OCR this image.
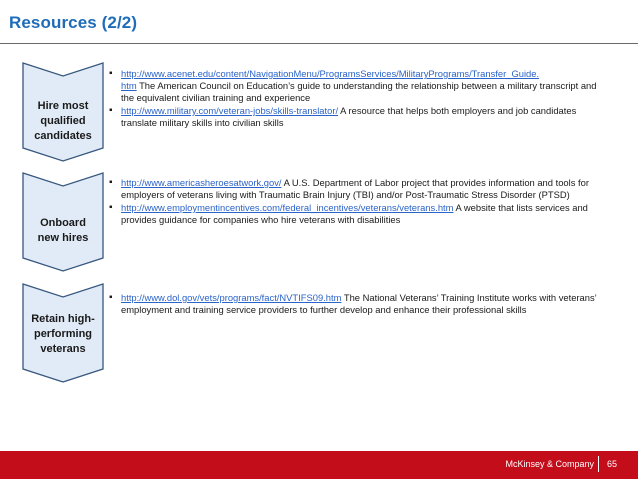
Resources (2/2)
Hire most
qualified
candidates
▪ http://www.acenet.edu/content/NavigationMenu/ProgramsServices/MilitaryPrograms/Transfer_Guide.
htm The American Council on Education’s guide to understanding the relationship between a military transcript and the equivalent civilian training and experience
▪ http://www.military.com/veteran-jobs/skills-translator/ A resource that helps both employers and job candidates translate military skills into civilian skills
Onboard
new hires
▪ http://www.americasheroesatwork.gov/ A U.S. Department of Labor project that provides information and tools for employers of veterans living with Traumatic Brain Injury (TBI) and/or Post-Traumatic Stress Disorder (PTSD)
▪ http://www.employmentincentives.com/federal_incentives/veterans/veterans.htm A website that lists services and provides guidance for companies who hire veterans with disabilities
Retain high-
performing
veterans
▪ http://www.dol.gov/vets/programs/fact/NVTIFS09.htm The National Veterans’ Training Institute works with veterans’ employment and training service providers to further develop and enhance their professional skills
McKinsey & Company 65
